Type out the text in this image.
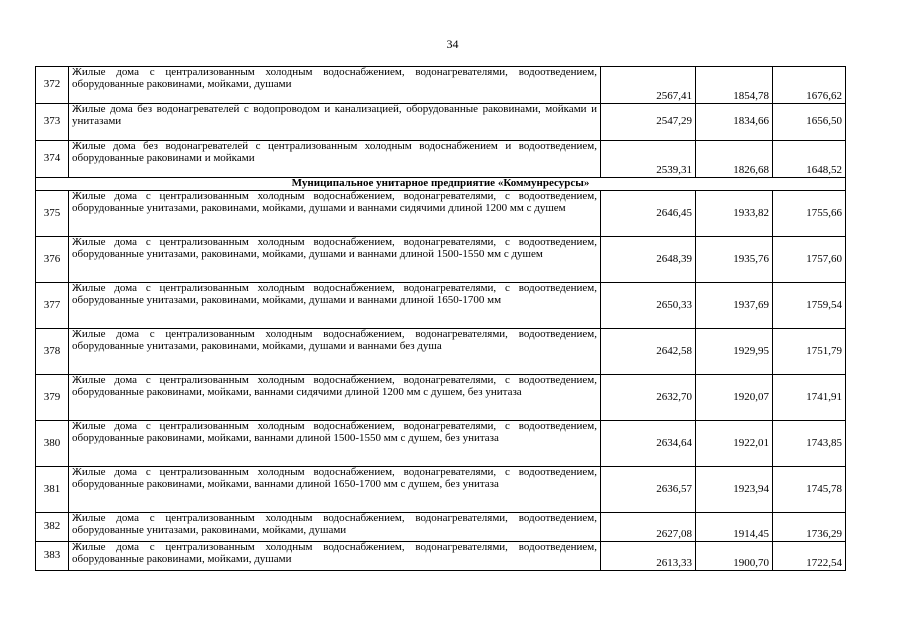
34
372	Жилые дома с централизованным холодным водоснабжением, водонагревателями, водоотведением, оборудованные раковинами, мойками, душами	2567,41	1854,78	1676,62
373	Жилые дома без водонагревателей с водопроводом и канализацией, оборудованные раковинами, мойками и унитазами	2547,29	1834,66	1656,50
374	Жилые дома без водонагревателей с централизованным холодным водоснабжением и водоотведением, оборудованные раковинами и мойками	2539,31	1826,68	1648,52
Муниципальное унитарное предприятие «Коммунресурсы»				
375	Жилые дома с централизованным холодным водоснабжением, водонагревателями, с водоотведением, оборудованные унитазами, раковинами, мойками, душами и ваннами сидячими длиной 1200 мм с душем	2646,45	1933,82	1755,66
376	Жилые дома с централизованным холодным водоснабжением, водонагревателями, с водоотведением, оборудованные унитазами, раковинами, мойками, душами и ваннами длиной 1500-1550 мм с душем	2648,39	1935,76	1757,60
377	Жилые дома с централизованным холодным водоснабжением, водонагревателями, с водоотведением, оборудованные унитазами, раковинами, мойками, душами и ваннами длиной 1650-1700 мм	2650,33	1937,69	1759,54
378	Жилые дома с централизованным холодным водоснабжением, водонагревателями, водоотведением, оборудованные унитазами, раковинами, мойками, душами и ваннами без душа	2642,58	1929,95	1751,79
379	Жилые дома с централизованным холодным водоснабжением, водонагревателями, с водоотведением, оборудованные раковинами, мойками, ваннами сидячими длиной 1200 мм с душем, без унитаза	2632,70	1920,07	1741,91
380	Жилые дома с централизованным холодным водоснабжением, водонагревателями, с водоотведением, оборудованные раковинами, мойками, ваннами длиной 1500-1550 мм с душем, без унитаза	2634,64	1922,01	1743,85
381	Жилые дома с централизованным холодным водоснабжением, водонагревателями, с водоотведением, оборудованные раковинами, мойками, ваннами длиной 1650-1700 мм с душем, без унитаза	2636,57	1923,94	1745,78
382	Жилые дома с централизованным холодным водоснабжением, водонагревателями, водоотведением, оборудованные унитазами, раковинами, мойками, душами	2627,08	1914,45	1736,29
383	Жилые дома с централизованным холодным водоснабжением, водонагревателями, водоотведением, оборудованные раковинами, мойками, душами	2613,33	1900,70	1722,54
